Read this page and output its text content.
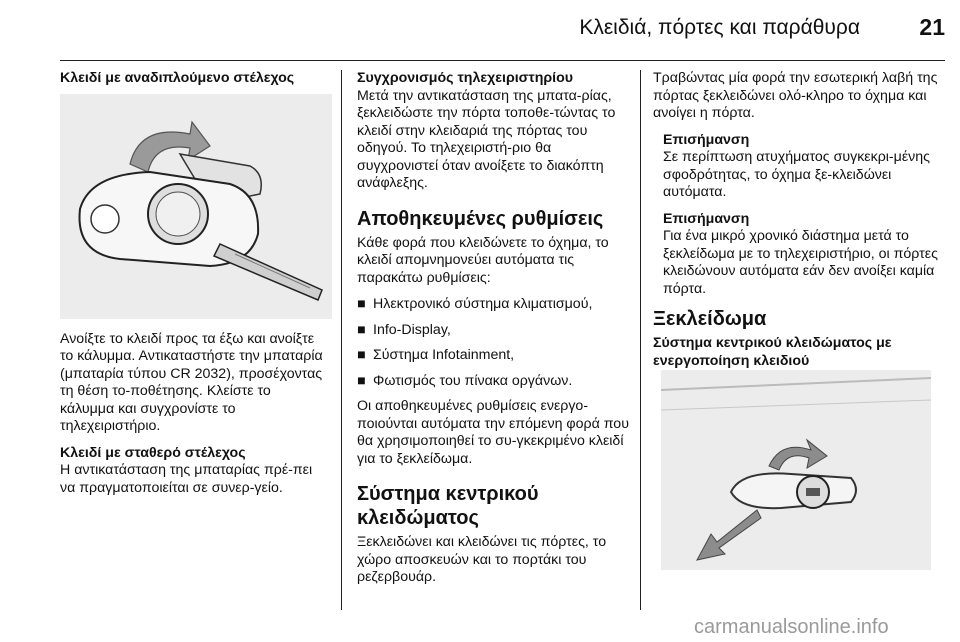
Κλειδιά, πόρτες και παράθυρα	21

Κλειδί με αναδιπλούμενο στέλεχος

Ανοίξτε το κλειδί προς τα έξω και ανοίξτε το κάλυμμα. Αντικαταστήστε την μπαταρία (μπαταρία τύπου CR 2032), προσέχοντας τη θέση το-ποθέτησης. Κλείστε το κάλυμμα και συγχρονίστε το τηλεχειριστήριο.

Κλειδί με σταθερό στέλεχος

Η αντικατάσταση της μπαταρίας πρέ-πει να πραγματοποιείται σε συνερ-γείο.

Συγχρονισμός τηλεχειριστηρίου

Μετά την αντικατάσταση της μπατα-ρίας, ξεκλειδώστε την πόρτα τοποθε-τώντας το κλειδί στην κλειδαριά της πόρτας του οδηγού. Το τηλεχειριστή-ριο θα συγχρονιστεί όταν ανοίξετε το διακόπτη ανάφλεξης.

Αποθηκευμένες ρυθμίσεις

Κάθε φορά που κλειδώνετε το όχημα, το κλειδί απομνημονεύει αυτόματα τις παρακάτω ρυθμίσεις:

■ Ηλεκτρονικό σύστημα κλιματισμού,
■ Info-Display,
■ Σύστημα Infotainment,
■ Φωτισμός του πίνακα οργάνων.

Οι αποθηκευμένες ρυθμίσεις ενεργο-ποιούνται αυτόματα την επόμενη φορά που θα χρησιμοποιηθεί το συ-γκεκριμένο κλειδί για το ξεκλείδωμα.

Σύστημα κεντρικού κλειδώματος

Ξεκλειδώνει και κλειδώνει τις πόρτες, το χώρο αποσκευών και το πορτάκι του ρεζερβουάρ.

Τραβώντας μία φορά την εσωτερική λαβή της πόρτας ξεκλειδώνει ολό-κληρο το όχημα και ανοίγει η πόρτα.

Επισήμανση

Σε περίπτωση ατυχήματος συγκεκρι-μένης σφοδρότητας, το όχημα ξε-κλειδώνει αυτόματα.

Επισήμανση

Για ένα μικρό χρονικό διάστημα μετά το ξεκλείδωμα με το τηλεχειριστήριο, οι πόρτες κλειδώνουν αυτόματα εάν δεν ανοίξει καμία πόρτα.

Ξεκλείδωμα

Σύστημα κεντρικού κλειδώματος με ενεργοποίηση κλειδιού

carmanualsonline.info
